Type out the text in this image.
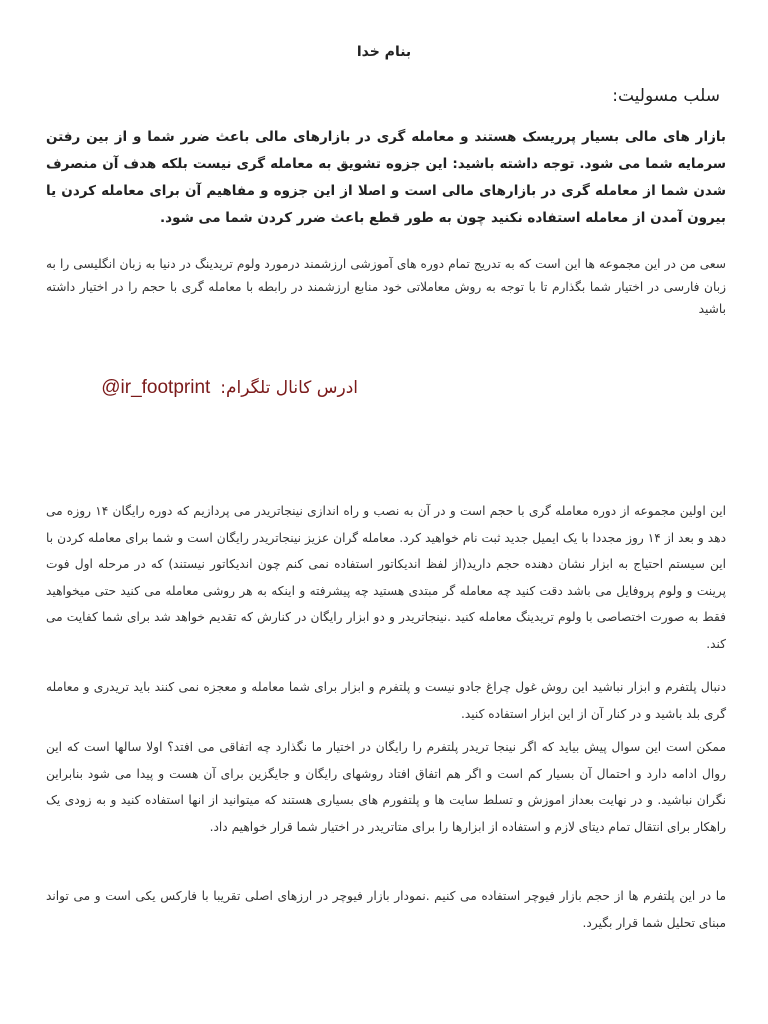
بنام خدا
سلب مسولیت:
بازار های مالی بسیار پرریسک هستند و معامله گری در بازارهای مالی باعث ضرر شما و از بین رفتن سرمایه شما می شود. توجه داشته باشید: این جزوه تشویق به معامله گری نیست بلکه هدف آن منصرف شدن شما از معامله گری در بازارهای مالی است و اصلا از این جزوه و مفاهیم آن برای معامله کردن یا بیرون آمدن از معامله استفاده نکنید چون به طور قطع باعث ضرر کردن شما می شود.
سعی من در این مجموعه ها این است که به تدریج تمام دوره های آموزشی ارزشمند درمورد ولوم تریدینگ در دنیا به زبان انگلیسی را به زبان فارسی در اختیار شما بگذارم تا با توجه به روش معاملاتی خود منابع ارزشمند در رابطه با معامله گری با حجم را در اختیار داشته باشید
@ir_footprint ادرس کانال تلگرام:
این اولین مجموعه از دوره معامله گری با حجم است و در آن به نصب و راه اندازی نینجاتریدر می پردازیم که دوره رایگان ۱۴ روزه می دهد و بعد از ۱۴ روز مجددا با یک ایمیل جدید ثبت نام خواهید کرد. معامله گران عزیز نینجاتریدر رایگان است و شما برای معامله کردن با این سیستم احتیاج به ابزار نشان دهنده حجم دارید(از لفظ اندیکاتور استفاده نمی کنم چون اندیکاتور نیستند) که در مرحله اول فوت پرینت و ولوم پروفایل می باشد دقت کنید چه معامله گر مبتدی هستید چه پیشرفته و اینکه به هر روشی معامله می کنید حتی میخواهید فقط به صورت اختصاصی با ولوم تریدینگ معامله کنید .نینجاتریدر و دو ابزار رایگان در کنارش که تقدیم خواهد شد برای شما کفایت می کند.
دنبال پلتفرم و ابزار نباشید این روش غول چراغ جادو نیست و پلتفرم و ابزار برای شما معامله و معجزه نمی کنند باید تریدری و معامله گری بلد باشید و در کنار آن از این ابزار استفاده کنید.
ممکن است این سوال پیش بیاید که اگر نینجا تریدر پلتفرم را رایگان در اختیار ما نگذارد چه اتفاقی می افتد؟ اولا سالها است که این روال ادامه دارد و احتمال آن بسیار کم است و اگر هم اتفاق افتاد روشهای رایگان و جایگزین برای آن هست و پیدا می شود بنابراین نگران نباشید. و در نهایت بعداز اموزش و تسلط سایت ها و پلتفورم های بسیاری هستند که میتوانید از انها استفاده کنید و به زودی یک راهکار برای انتقال تمام دیتای لازم و استفاده از ابزارها را برای متاتریدر در اختیار شما قرار خواهیم داد.
ما در این پلتفرم ها از حجم بازار فیوچر استفاده می کنیم .نمودار بازار فیوچر در ارزهای اصلی تقریبا با فارکس یکی است و می تواند مبنای تحلیل شما قرار بگیرد.
